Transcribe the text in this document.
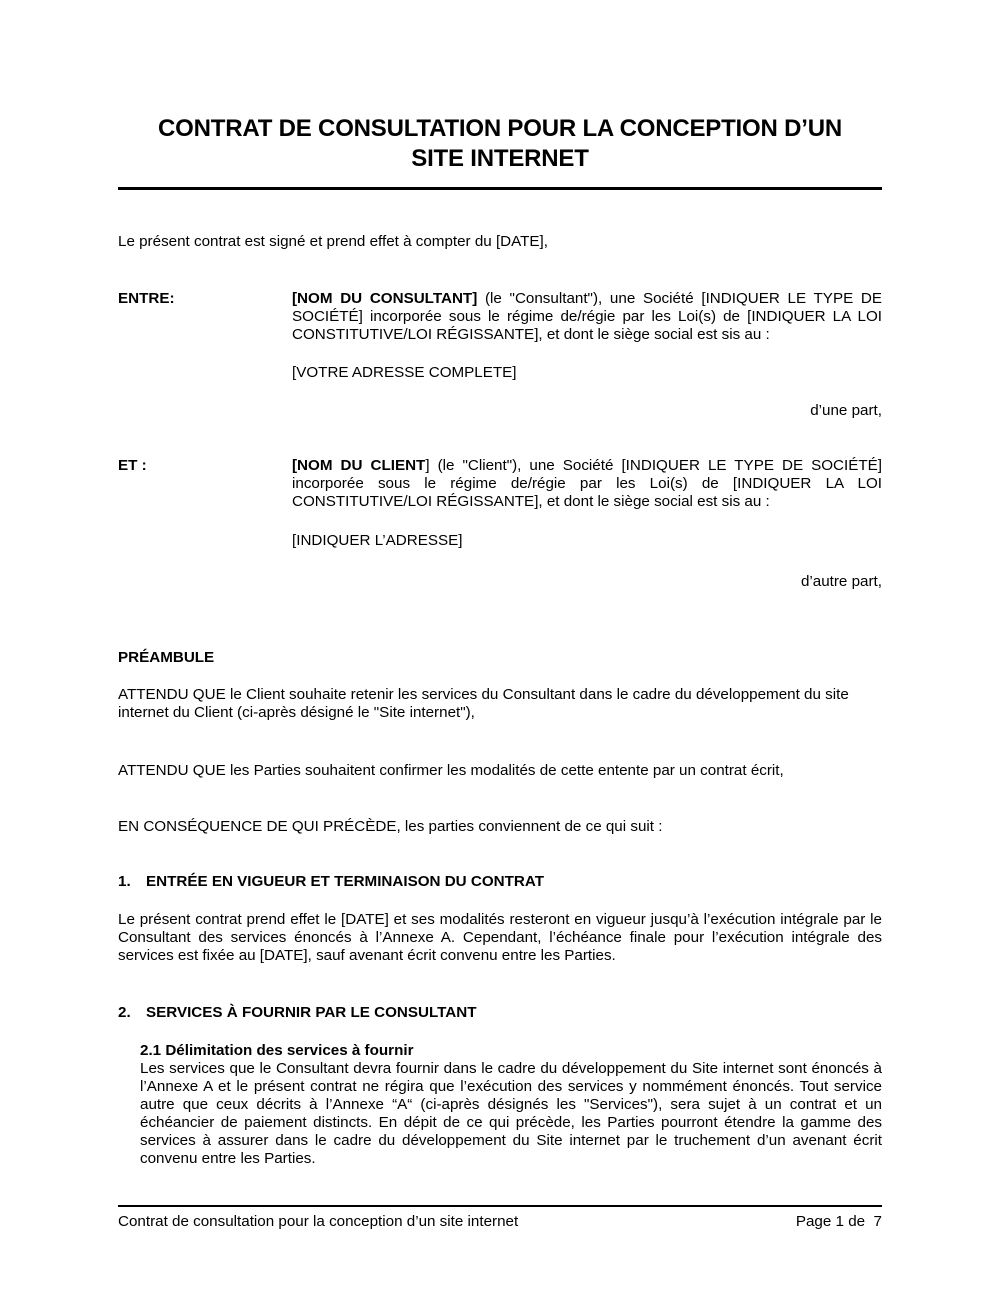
CONTRAT DE CONSULTATION POUR LA CONCEPTION D’UN
SITE INTERNET
Le présent contrat est signé et prend effet à compter du [DATE],
ENTRE:	[NOM DU CONSULTANT] (le "Consultant"), une Société [INDIQUER LE TYPE DE SOCIÉTÉ] incorporée sous le régime de/régie par les Loi(s) de [INDIQUER LA LOI CONSTITUTIVE/LOI RÉGISSANTE], et dont le siège social est sis au :
[VOTRE ADRESSE COMPLETE]
d’une part,
ET :	[NOM DU CLIENT] (le "Client"), une Société [INDIQUER LE TYPE DE SOCIÉTÉ] incorporée sous le régime de/régie par les Loi(s) de [INDIQUER LA LOI CONSTITUTIVE/LOI RÉGISSANTE], et dont le siège social est sis au :
[INDIQUER L’ADRESSE]
d’autre part,
PRÉAMBULE
ATTENDU QUE le Client souhaite retenir les services du Consultant dans le cadre du développement du site internet du Client (ci-après désigné le "Site internet"),
ATTENDU QUE les Parties souhaitent confirmer les modalités de cette entente par un contrat écrit,
EN CONSÉQUENCE DE QUI PRÉCÈDE, les parties conviennent de ce qui suit :
1. ENTRÉE EN VIGUEUR ET TERMINAISON DU CONTRAT
Le présent contrat prend effet le [DATE] et ses modalités resteront en vigueur jusqu’à l’exécution intégrale par le Consultant des services énoncés à l’Annexe A. Cependant, l’échéance finale pour l’exécution intégrale des services est fixée au [DATE], sauf avenant écrit convenu entre les Parties.
2. SERVICES À FOURNIR PAR LE CONSULTANT
2.1 Délimitation des services à fournir
Les services que le Consultant devra fournir dans le cadre du développement du Site internet sont énoncés à l’Annexe A et le présent contrat ne régira que l’exécution des services y nommément énoncés. Tout service autre que ceux décrits à l’Annexe “A“ (ci-après désignés les "Services"), sera sujet à un contrat et un échéancier de paiement distincts. En dépit de ce qui précède, les Parties pourront étendre la gamme des services à assurer dans le cadre du développement du Site internet par le truchement d’un avenant écrit convenu entre les Parties.
Contrat de consultation pour la conception d’un site internet	Page 1 de  7
